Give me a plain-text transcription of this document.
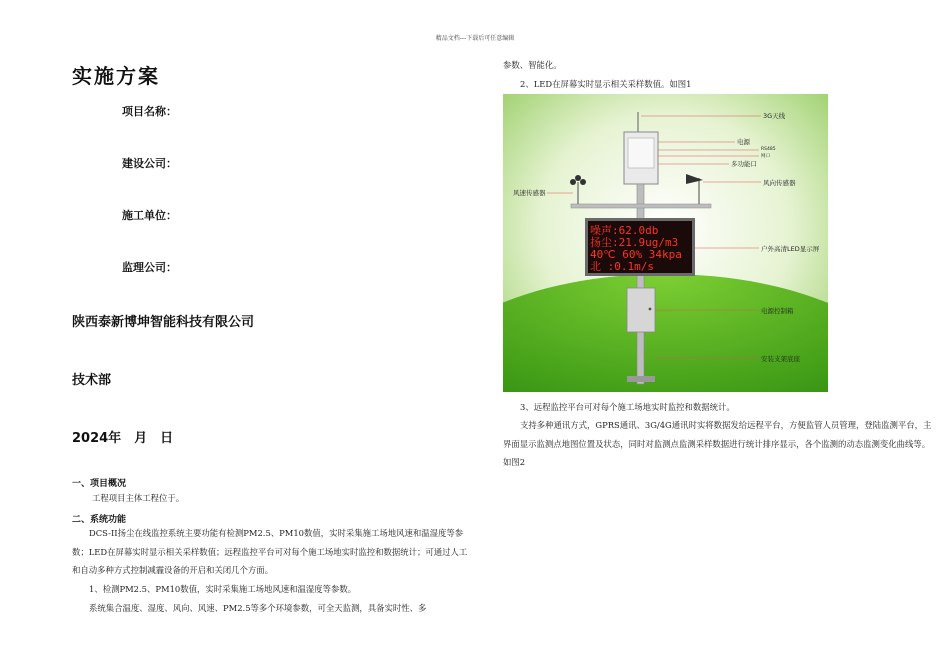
精品文档---下载后可任意编辑
实施方案
项目名称：
建设公司：
施工单位：
监理公司：
陕西泰新博坤智能科技有限公司
技术部
2024年　月　日
一、项目概况
工程项目主体工程位于。
二、系统功能

DCS-II扬尘在线监控系统主要功能有检测PM2.5、PM10数值，实时采集施工场地风速和温湿度等参数；LED在屏幕实时显示相关采样数值；远程监控平台可对每个施工场地实时监控和数据统计；可通过人工和自动多种方式控制减霾设备的开启和关闭几个方面。

1、检测PM2.5、PM10数值，实时采集施工场地风速和温湿度等参数。

系统集合温度、湿度、风向、风速、PM2.5等多个环境参数，可全天监测，具备实时性、多

参数、智能化。

2、LED在屏幕实时显示相关采样数值。如图1

噪声:62.0db
扬尘:21.9ug/m3
40℃ 60% 34kpa
北 :0.1m/s
3G天线
电源
RS485
网口
多功能口
风速传感器
风向传感器
户外高清LED显示屏
电源控制箱
安装支架底座

3、远程监控平台可对每个施工场地实时监控和数据统计。

支持多种通讯方式，GPRS通讯、3G/4G通讯时实将数据发给远程平台，方便监管人员管理，登陆监测平台，主界面显示监测点地图位置及状态，同时对监测点监测采样数据进行统计排序显示，各个监测的动态监测变化曲线等。如图2
